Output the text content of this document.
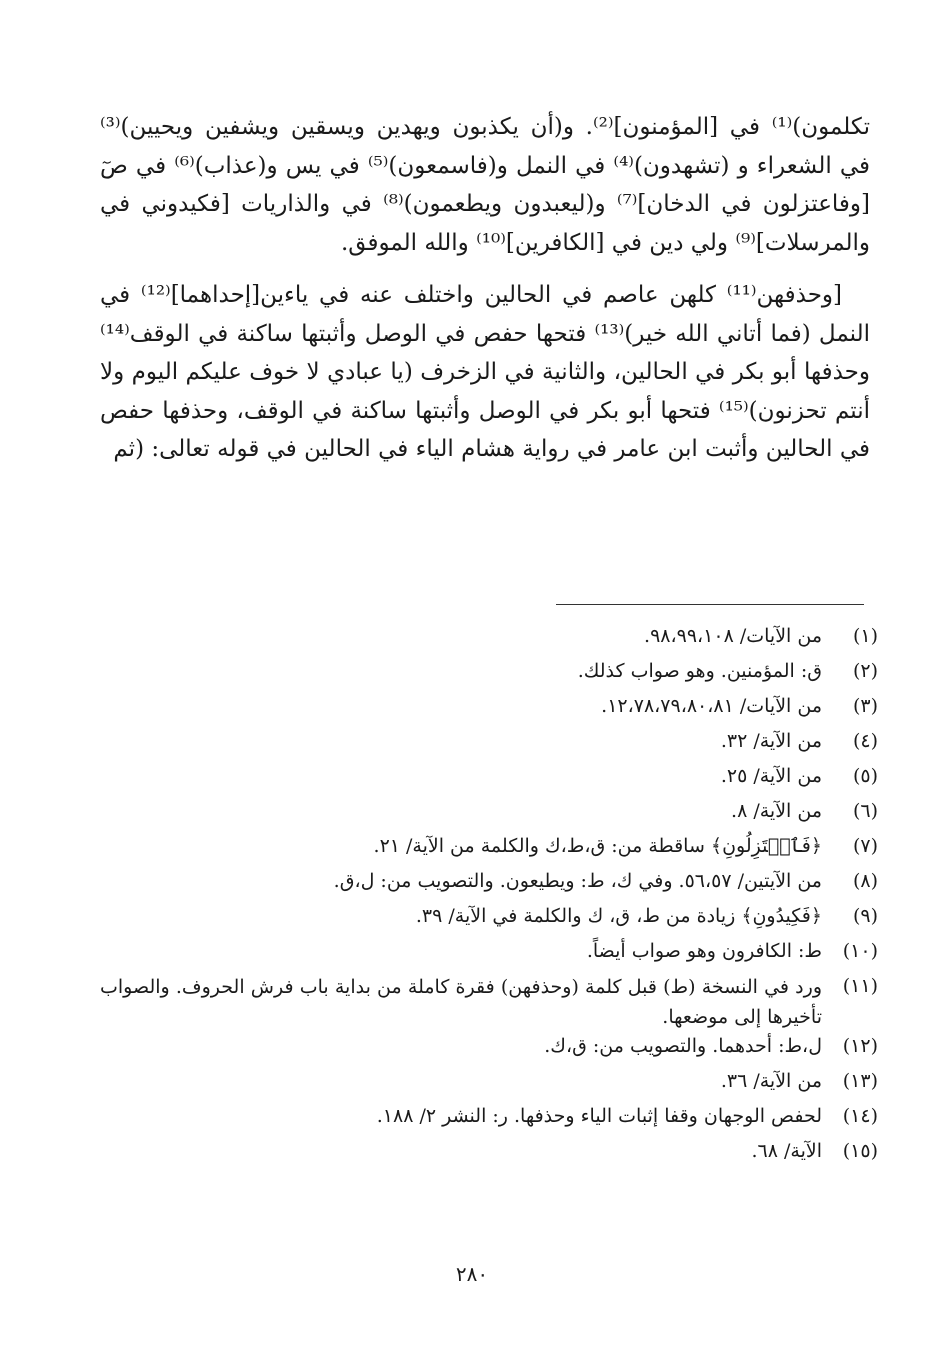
تكلمون)⁽¹⁾ في [المؤمنون]⁽²⁾. و(أن يكذبون ويهدين ويسقين ويشفين ويحيين)⁽³⁾ في الشعراء و (تشهدون)⁽⁴⁾ في النمل و(فاسمعون)⁽⁵⁾ في يس و(عذاب)⁽⁶⁾ في صٓ [وفاعتزلون في الدخان]⁽⁷⁾ و(ليعبدون ويطعمون)⁽⁸⁾ في والذاريات [فكيدوني في والمرسلات]⁽⁹⁾ ولي دين في [الكافرين]⁽¹⁰⁾ والله الموفق.

[وحذفهن⁽¹¹⁾ كلهن عاصم في الحالين واختلف عنه في ياءين[إحداهما]⁽¹²⁾ في النمل (فما أتاني الله خير)⁽¹³⁾ فتحها حفص في الوصل وأثبتها ساكنة في الوقف⁽¹⁴⁾ وحذفها أبو بكر في الحالين، والثانية في الزخرف (يا عبادي لا خوف عليكم اليوم ولا أنتم تحزنون)⁽¹⁵⁾ فتحها أبو بكر في الوصل وأثبتها ساكنة في الوقف، وحذفها حفص في الحالين وأثبت ابن عامر في رواية هشام الياء في الحالين في قوله تعالى: (ثم

(١)
من الآيات/ ٩٨،٩٩،١٠٨.
(٢)
ق: المؤمنين. وهو صواب كذلك.
(٣)
من الآيات/ ١٢،٧٨،٧٩،٨٠،٨١.
(٤)
من الآية/ ٣٢.
(٥)
من الآية/ ٢٥.
(٦)
من الآية/ ٨.
(٧)
﴿فَٱعۡتَزِلُونِ﴾ ساقطة من: ق،ط،ك والكلمة من الآية/ ٢١.
(٨)
من الآيتين/ ٥٦،٥٧. وفي ك، ط: ويطيعون. والتصويب من: ل،ق.
(٩)
﴿فَكِيدُونِ﴾ زيادة من ط، ق، ك والكلمة في الآية/ ٣٩.
(١٠)
ط: الكافرون وهو صواب أيضاً.
(١١)
ورد في النسخة (ط) قبل كلمة (وحذفهن) فقرة كاملة من بداية باب فرش الحروف. والصواب تأخيرها إلى موضعها.
(١٢)
ل،ط: أحدهما. والتصويب من: ق،ك.
(١٣)
من الآية/ ٣٦.
(١٤)
لحفص الوجهان وقفا إثبات الياء وحذفها. ر: النشر ٢/ ١٨٨.
(١٥)
الآية/ ٦٨.
٢٨٠
